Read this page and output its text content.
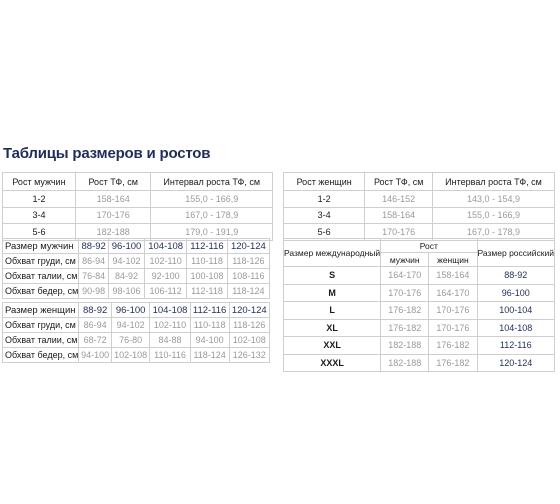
Таблицы размеров и ростов
Рост мужчин	Рост ТФ, см	Интервал роста ТФ, см
1-2	158-164	155,0 - 166,9
3-4	170-176	167,0 - 178,9
5-6	182-188	179,0 - 191,9
Рост женщин	Рост ТФ, см	Интервал роста ТФ, см
1-2	146-152	143,0 - 154,9
3-4	158-164	155,0 - 166,9
5-6	170-176	167,0 - 178,9
Размер мужчин	88-92	96-100	104-108	112-116	120-124
Обхват груди, см	86-94	94-102	102-110	110-118	118-126
Обхват талии, см	76-84	84-92	92-100	100-108	108-116
Обхват бедер, см	90-98	98-106	106-112	112-118	118-124
Размер женщин	88-92	96-100	104-108	112-116	120-124
Обхват груди, см	86-94	94-102	102-110	110-118	118-126
Обхват талии, см	68-72	76-80	84-88	94-100	102-108
Обхват бедер, см	94-100	102-108	110-116	118-124	126-132
Размер международный	Рост		Размер российский
	мужчин	женщин	
S	164-170	158-164	88-92
M	170-176	164-170	96-100
L	176-182	170-176	100-104
XL	176-182	170-176	104-108
XXL	182-188	176-182	112-116
XXXL	182-188	176-182	120-124
